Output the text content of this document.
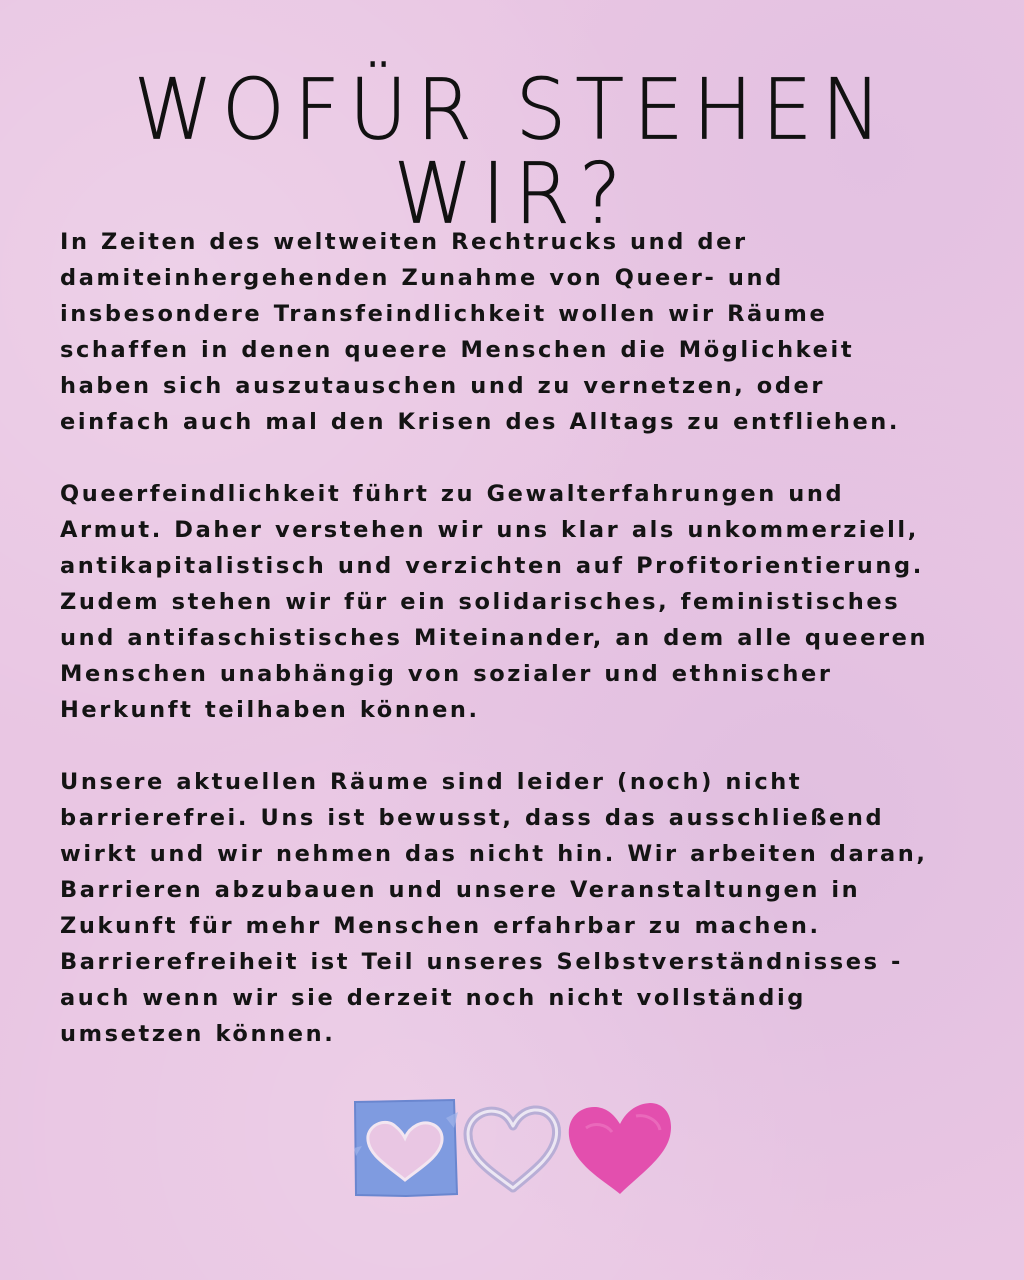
WOFÜR STEHEN WIR?

In Zeiten des weltweiten Rechtrucks und der
damiteinhergehenden Zunahme von Queer- und
insbesondere Transfeindlichkeit wollen wir Räume
schaffen in denen queere Menschen die Möglichkeit
haben sich auszutauschen und zu vernetzen, oder
einfach auch mal den Krisen des Alltags zu entfliehen.

Queerfeindlichkeit führt zu Gewalterfahrungen und
Armut. Daher verstehen wir uns klar als unkommerziell,
antikapitalistisch und verzichten auf Profitorientierung.
Zudem stehen wir für ein solidarisches, feministisches
und antifaschistisches Miteinander, an dem alle queeren
Menschen unabhängig von sozialer und ethnischer
Herkunft teilhaben können.

Unsere aktuellen Räume sind leider (noch) nicht
barrierefrei. Uns ist bewusst, dass das ausschließend
wirkt und wir nehmen das nicht hin. Wir arbeiten daran,
Barrieren abzubauen und unsere Veranstaltungen in
Zukunft für mehr Menschen erfahrbar zu machen.
Barrierefreiheit ist Teil unseres Selbstverständnisses -
auch wenn wir sie derzeit noch nicht vollständig
umsetzen können.
